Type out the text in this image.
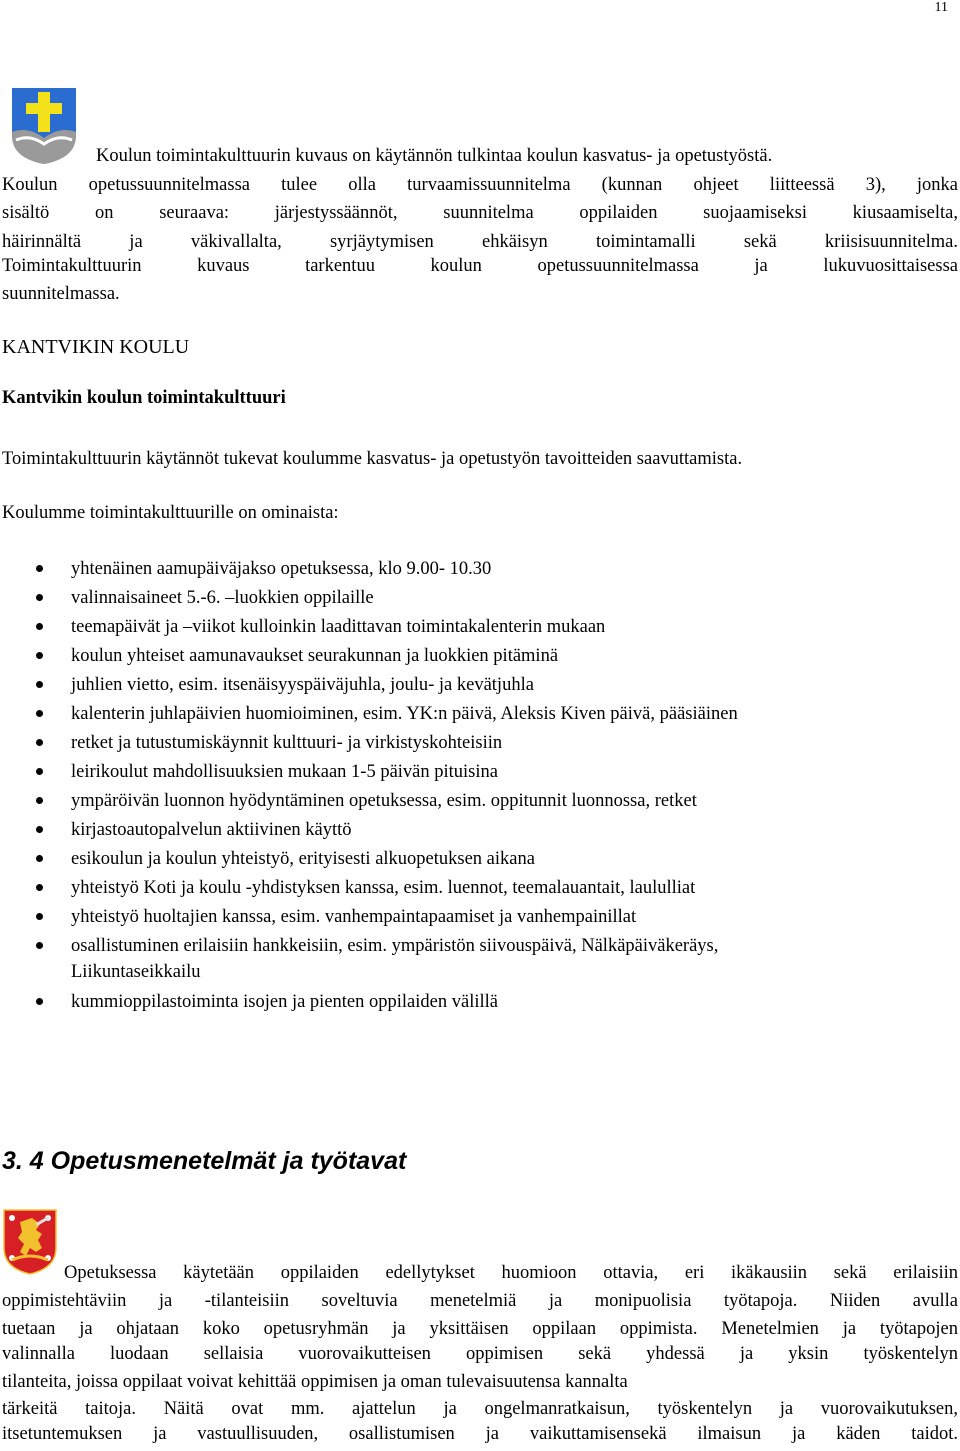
11
Koulun toimintakulttuurin kuvaus on käytännön tulkintaa koulun kasvatus- ja opetustyöstä.
Koulun opetussuunnitelmassa tulee olla turvaamissuunnitelma (kunnan ohjeet liitteessä 3), jonka
sisältö on seuraava: järjestyssäännöt, suunnitelma oppilaiden suojaamiseksi kiusaamiselta,
häirinnältä ja väkivallalta, syrjäytymisen ehkäisyn toimintamalli sekä kriisisuunnitelma.
Toimintakulttuurin kuvaus tarkentuu koulun opetussuunnitelmassa ja lukuvuosittaisessa
suunnitelmassa.
KANTVIKIN KOULU
Kantvikin koulun toimintakulttuuri
Toimintakulttuurin käytännöt tukevat koulumme kasvatus- ja opetustyön tavoitteiden saavuttamista.
Koulumme toimintakulttuurille on ominaista:
yhtenäinen aamupäiväjakso opetuksessa, klo 9.00- 10.30
valinnaisaineet 5.-6. –luokkien oppilaille
teemapäivät ja –viikot kulloinkin laadittavan toimintakalenterin mukaan
koulun yhteiset aamunavaukset seurakunnan ja luokkien pitäminä
juhlien vietto, esim. itsenäisyyspäiväjuhla, joulu- ja kevätjuhla
kalenterin juhlapäivien huomioiminen, esim. YK:n päivä, Aleksis Kiven päivä, pääsiäinen
retket ja tutustumiskäynnit kulttuuri- ja virkistyskohteisiin
leirikoulut mahdollisuuksien mukaan 1-5 päivän pituisina
ympäröivän luonnon hyödyntäminen opetuksessa, esim. oppitunnit luonnossa, retket
kirjastoautopalvelun aktiivinen käyttö
esikoulun ja koulun yhteistyö, erityisesti alkuopetuksen aikana
yhteistyö Koti ja koulu -yhdistyksen kanssa, esim. luennot, teemalauantait, laululliat
yhteistyö huoltajien kanssa, esim. vanhempaintapaamiset ja vanhempainillat
osallistuminen erilaisiin hankkeisiin, esim. ympäristön siivouspäivä, Nälkäpäiväkeräys,
Liikuntaseikkailu
kummioppilastoiminta isojen ja pienten oppilaiden välillä
3. 4 Opetusmenetelmät ja työtavat
Opetuksessa käytetään oppilaiden edellytykset huomioon ottavia, eri ikäkausiin sekä erilaisiin
oppimistehtäviin ja -tilanteisiin soveltuvia menetelmiä ja monipuolisia työtapoja. Niiden avulla
tuetaan ja ohjataan koko opetusryhmän ja yksittäisen oppilaan oppimista. Menetelmien ja työtapojen
valinnalla luodaan sellaisia vuorovaikutteisen oppimisen sekä yhdessä ja yksin työskentelyn
tilanteita, joissa oppilaat voivat kehittää oppimisen ja oman tulevaisuutensa kannalta
tärkeitä taitoja. Näitä ovat mm. ajattelun ja ongelmanratkaisun, työskentelyn ja vuorovaikutuksen,
itsetuntemuksen ja vastuullisuuden, osallistumisen ja vaikuttamisensekä ilmaisun ja käden taidot.
